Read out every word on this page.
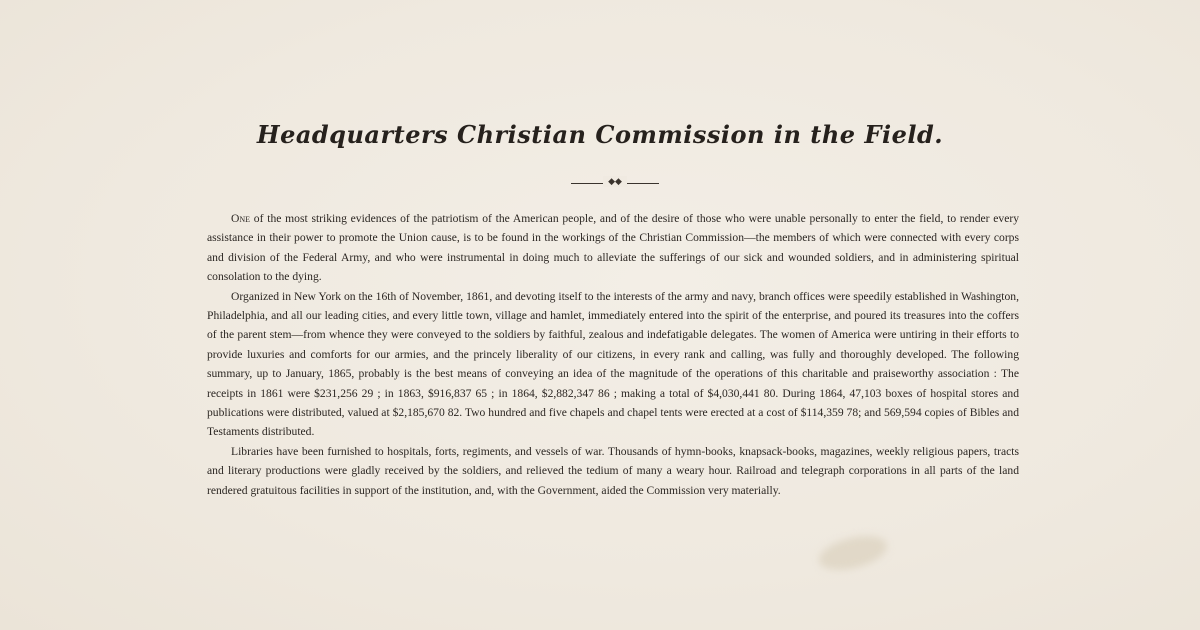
Headquarters Christian Commission in the Field.
◆◆

One of the most striking evidences of the patriotism of the American people, and of the desire of those who were unable personally to enter the field, to render every assistance in their power to promote the Union cause, is to be found in the workings of the Christian Commission—the members of which were connected with every corps and division of the Federal Army, and who were instrumental in doing much to alleviate the sufferings of our sick and wounded soldiers, and in administering spiritual consolation to the dying.

Organized in New York on the 16th of November, 1861, and devoting itself to the interests of the army and navy, branch offices were speedily established in Washington, Philadelphia, and all our leading cities, and every little town, village and hamlet, immediately entered into the spirit of the enterprise, and poured its treasures into the coffers of the parent stem—from whence they were conveyed to the soldiers by faithful, zealous and indefatigable delegates. The women of America were untiring in their efforts to provide luxuries and comforts for our armies, and the princely liberality of our citizens, in every rank and calling, was fully and thoroughly developed. The following summary, up to January, 1865, probably is the best means of conveying an idea of the magnitude of the operations of this charitable and praiseworthy association : The receipts in 1861 were $231,256 29 ; in 1863, $916,837 65 ; in 1864, $2,882,347 86 ; making a total of $4,030,441 80. During 1864, 47,103 boxes of hospital stores and publications were distributed, valued at $2,185,670 82. Two hundred and five chapels and chapel tents were erected at a cost of $114,359 78; and 569,594 copies of Bibles and Testaments distributed.

Libraries have been furnished to hospitals, forts, regiments, and vessels of war. Thousands of hymn-books, knapsack-books, magazines, weekly religious papers, tracts and literary productions were gladly received by the soldiers, and relieved the tedium of many a weary hour. Railroad and telegraph corporations in all parts of the land rendered gratuitous facilities in support of the institution, and, with the Government, aided the Commission very materially.
